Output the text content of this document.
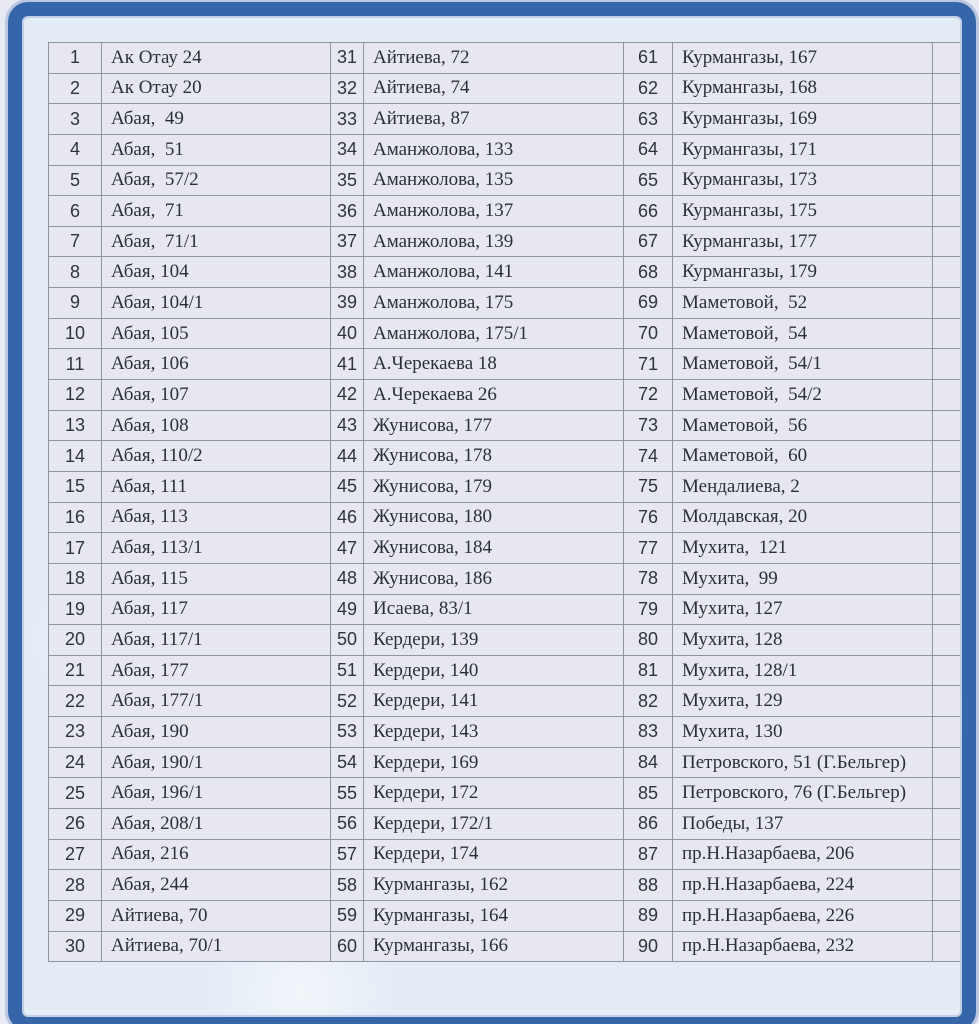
1	Ак Отау 24	31	Айтиева, 72	61	Курмангазы, 167	
2	Ак Отау 20	32	Айтиева, 74	62	Курмангазы, 168	
3	Абая,  49	33	Айтиева, 87	63	Курмангазы, 169	
4	Абая,  51	34	Аманжолова, 133	64	Курмангазы, 171	
5	Абая,  57/2	35	Аманжолова, 135	65	Курмангазы, 173	
6	Абая,  71	36	Аманжолова, 137	66	Курмангазы, 175	
7	Абая,  71/1	37	Аманжолова, 139	67	Курмангазы, 177	
8	Абая, 104	38	Аманжолова, 141	68	Курмангазы, 179	
9	Абая, 104/1	39	Аманжолова, 175	69	Маметовой,  52	
10	Абая, 105	40	Аманжолова, 175/1	70	Маметовой,  54	
11	Абая, 106	41	А.Черекаева 18	71	Маметовой,  54/1	
12	Абая, 107	42	А.Черекаева 26	72	Маметовой,  54/2	
13	Абая, 108	43	Жунисова, 177	73	Маметовой,  56	
14	Абая, 110/2	44	Жунисова, 178	74	Маметовой,  60	
15	Абая, 111	45	Жунисова, 179	75	Мендалиева, 2	
16	Абая, 113	46	Жунисова, 180	76	Молдавская, 20	
17	Абая, 113/1	47	Жунисова, 184	77	Мухита,  121	
18	Абая, 115	48	Жунисова, 186	78	Мухита,  99	
19	Абая, 117	49	Исаева, 83/1	79	Мухита, 127	
20	Абая, 117/1	50	Кердери, 139	80	Мухита, 128	
21	Абая, 177	51	Кердери, 140	81	Мухита, 128/1	
22	Абая, 177/1	52	Кердери, 141	82	Мухита, 129	
23	Абая, 190	53	Кердери, 143	83	Мухита, 130	
24	Абая, 190/1	54	Кердери, 169	84	Петровского, 51 (Г.Бельгер)	
25	Абая, 196/1	55	Кердери, 172	85	Петровского, 76 (Г.Бельгер)	
26	Абая, 208/1	56	Кердери, 172/1	86	Победы, 137	
27	Абая, 216	57	Кердери, 174	87	пр.Н.Назарбаева, 206	
28	Абая, 244	58	Курмангазы, 162	88	пр.Н.Назарбаева, 224	
29	Айтиева, 70	59	Курмангазы, 164	89	пр.Н.Назарбаева, 226	
30	Айтиева, 70/1	60	Курмангазы, 166	90	пр.Н.Назарбаева, 232	
